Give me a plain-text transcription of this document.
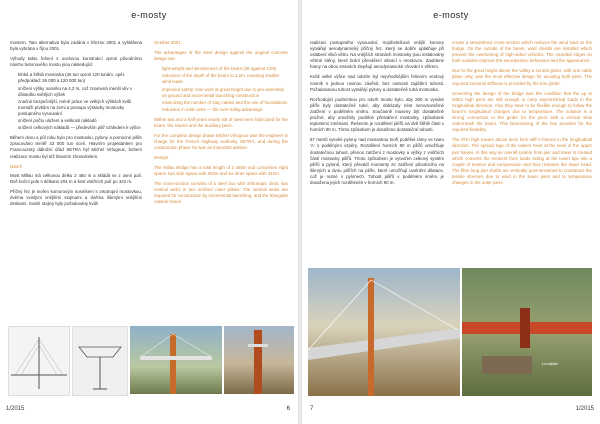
e-mosty

mostem. Tato alternativa byla zadána v březnu 2001 a vyhlášena byla vybrána v říjnu 2001.

Výhody takto řešení s ocelovou konstrukcí oproti původnímu návrhu betonového mostu jsou následující:

• lehká a štíhlá mostovka (26 tun oproti 120 tunám, opěr. předpoklad: 36 000 a 120 000 tun)
• snížení výšky nosníku na 4,2 m, což znamená menší vliv v důsledku světlých výšek
• značné bezpečnější, méně práce ve velkých výškách kvůli montáži prvkům na zemi a postupu výstavby mostovky postupného vysouvání
• snížení počtu uložení a velikosti nákladů
• snížení celkových nákladů — především pilíř vzhledem k výšce

Během dvou a půl roku bylo pro mostovku, pylony a pomocné pilíře zpracováno téměř 43 000 tun oceli. Hlavním projektantem pro Francouzský dálniční úřad SETRA byl Michel Virlogeux, bohem realizace mostu byl též hlavním zhotovitelem.

Návrh

Most Millau má celkovou délku 2 460 m a skládá se z osmi polí. Dvě boční pole s délkami 204 m a šest vnitřních polí po 342 m.

Příčný řez je tvořen komorovým nosníkem s ortotropní mostovkou, dvěma svislými vnějšími stojinami a dvěma šikmými vnějšími deskami. Svislé stojiny byly požadovány kvůli

October 2001.

The advantages of the steel design against the original concrete design are:

• light-weight and slenderness of the beam (36 against 120t)
• reduction of the depth of the beam to 4.2m, meaning smaller wind loads
• improved safety: less work at great height due to pre-assembly on ground and incremental launching construction
• minimizing the number of stay cables and the use of foundations
• reduction in total costs — the over-riding advantage.

Within two and a half years nearly 43t of steel were fabricated for the beam, the towers and the auxiliary piers.

For the complete design phase Michel Virlogeux was the engineer in charge for the French Highway Authority SETRA, and during the construction phase he was an important adviser.

Design

The Millau Bridge has a total length of 2 460m and comprises eight spans: two side spans with 204m and six inner spans with 342m.

The cross-section consists of a steel box with orthotropic deck, two vertical webs in two inclined outer plates. The vertical webs are required for construction by incremental launching, and the triangular outside boxes

1/2015	6
e-mosty

realizaci postupného vysouvání, trojúhelníkové vnější komory vytvářejí aerodynamický příčný řez, který se dobře uplatňuje při oslabení vlivů větru. Na vnějších stranách mostovky jsou instalovány větrné stěny, které brání přenášení vibrací v mostovce. Zaoblené hrany na obou stranách zlepšují aerodynamické chování s větrem.

Kvůli velké výšce nad údolím byl nejvhodnějším řešením ocelový nosník s jednou rovinou závěsů, bez nutnosti zajištění tuhosti. Požadovanou tuhost vytvářejí pylony a dostatečně tuhá mostovka.

Rozhodující podmínkou pro návrh mostu bylo, aby 200 m vysoké pilíře byly dostatečně tuhé, aby dokázaly nést nerovnoměrné zatížení v podélném směru. Současně museny být dostatečně pružné, aby umožnily podélné přetváření mostovky, způsobené teplotními změnami. Řešením je rozdělení pilířů na dvě štíhlé části v horních 90 m. Tímto způsobem je dosaženo dostatečné tuhosti.

87 metrů vysoké pylony nad mostovkou tvoří podélné rámy ve tvaru 'A' s podélnými vzpěry. Rozdělení horních 90 m pilířů umožňuje dostatečnou tuhost, přenos zatížení z mostovky a výšky z vnitřních částí mostovky pilířů. Tímto způsobem je vytvořen celkový systém pilířů a pylonů, který převádí momenty ze zatížení působícího na šikmých a dvou pilířích na pilíře, které umožňují uvolnění dilatace, což je nutné v pylonech. Tuhost pilířů v podélném směru je dosažena jejich rozdělením v horních 90 m.

create a streamlined cross-section which reduces the wind load on the bridge. On the outside of the beam, wind shields are installed which prevent the overturning of high-sided vehicles. The rounded edges on both outsides improve the aerodynamic behaviour and the appearance.

Due to the great height above the valley a central girder, with one cable plane only, was the most effective design for avoiding both piers. The required torsional stiffness is provided by the box girder.

Governing the design of the bridge was the condition that the up to 200m high piers are still enough to carry asymmetrical loads in the longitudinal direction. Also they have to be flexible enough to follow the beam's longitudinal changes due to temperature. The solution is a strong connection to the girder for the piers with a vertical slow underneath the beam. This bisectioning of the box provides for the required flexibility.

The 87m high towers above deck form stiff A-frames in the longitudinal direction. The spread legs of the towers meet at the level of the upper pier halves. In this way an overall system from pier and tower is created which converts the moment from loads acting at the tower tips into a couple of tension and compression and thus restrains the tower head. The fibre long pier shafts are vertically post-tensioned to counteract the tensile stresses due to wind in the tower piers and to temperature changes in the outer piers.

La tablier
7	1/2015
